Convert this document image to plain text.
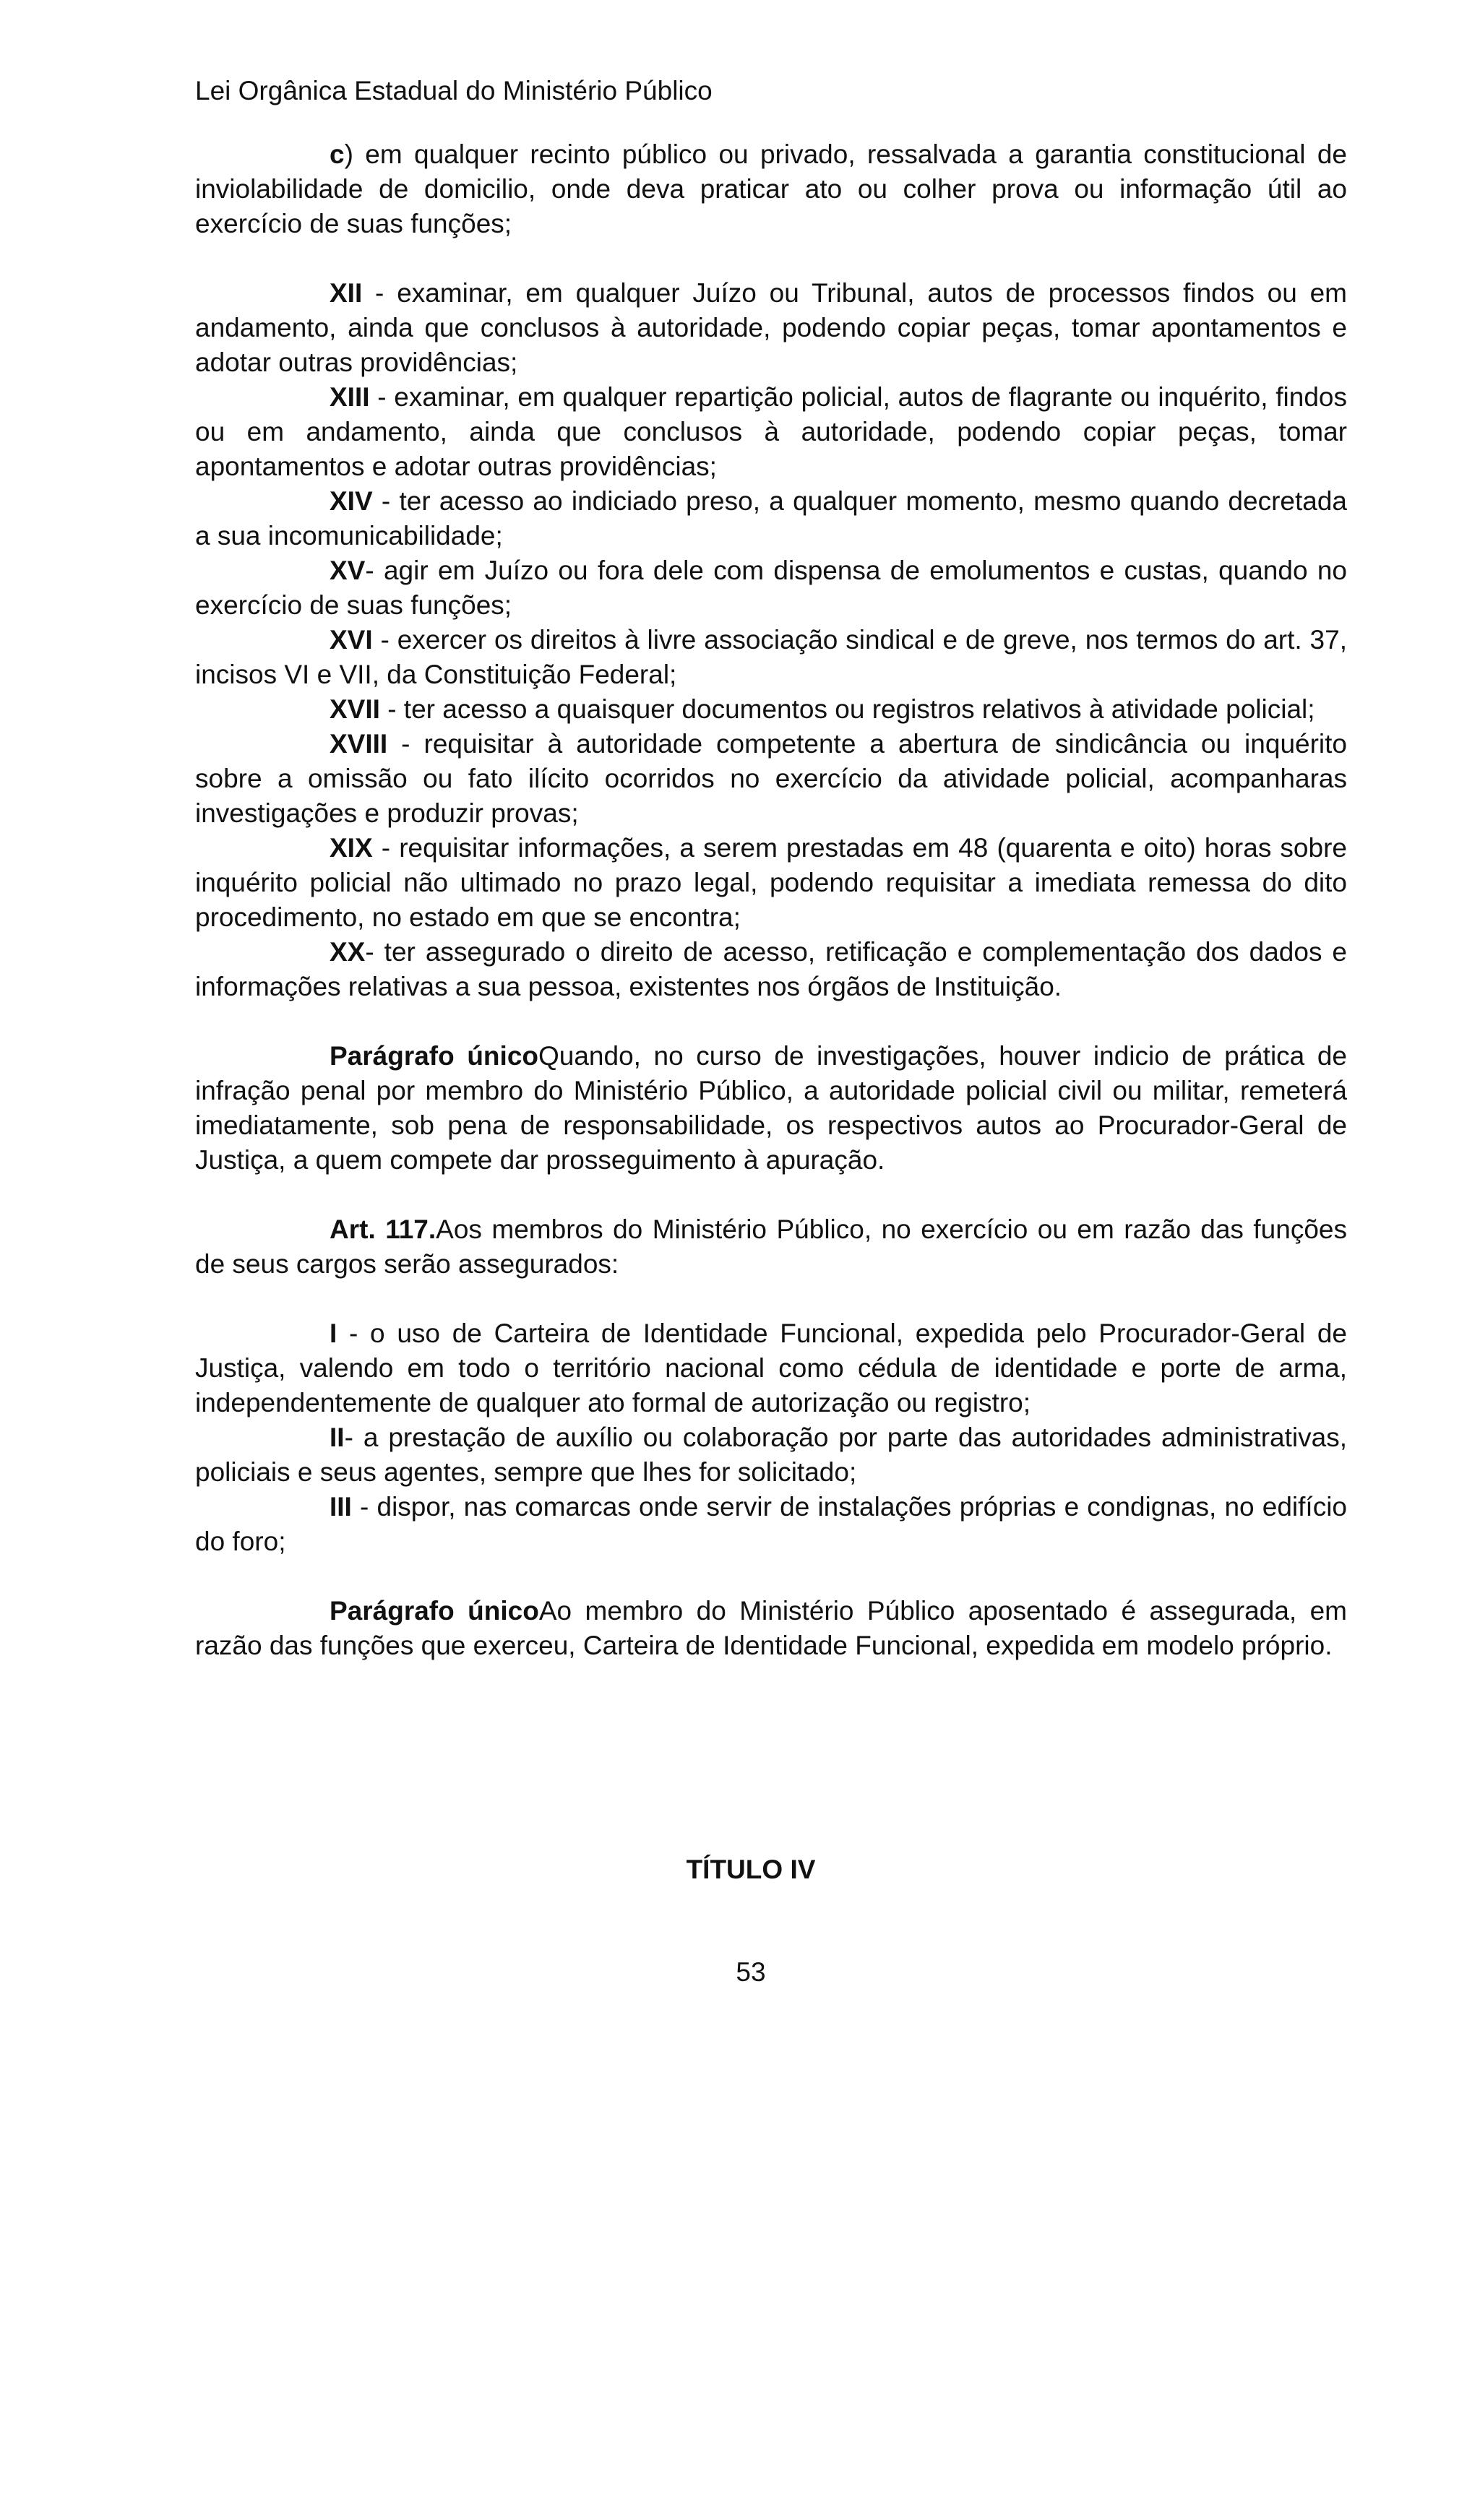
Lei Orgânica Estadual do Ministério Público

c) em qualquer recinto público ou privado, ressalvada a garantia constitucional de inviolabilidade de domicilio, onde deva praticar ato ou colher prova ou informação útil ao exercício de suas funções;

XII - examinar, em qualquer Juízo ou Tribunal, autos de processos findos ou em andamento, ainda que conclusos à autoridade, podendo copiar peças, tomar apontamentos e adotar outras providências;

XIII - examinar, em qualquer repartição policial, autos de flagrante ou inquérito, findos ou em andamento, ainda que conclusos à autoridade, podendo copiar peças, tomar apontamentos e adotar outras providências;

XIV - ter acesso ao indiciado preso, a qualquer momento, mesmo quando decretada a sua incomunicabilidade;

XV- agir em Juízo ou fora dele com dispensa de emolumentos e custas, quando no exercício de suas funções;

XVI - exercer os direitos à livre associação sindical e de greve, nos termos do art. 37, incisos VI e VII, da Constituição Federal;

XVII - ter acesso a quaisquer documentos ou registros relativos à atividade policial;

XVIII - requisitar à autoridade competente a abertura de sindicância ou inquérito sobre a omissão ou fato ilícito ocorridos no exercício da atividade policial, acompanharas investigações e produzir provas;

XIX - requisitar informações, a serem prestadas em 48 (quarenta e oito) horas sobre inquérito policial não ultimado no prazo legal, podendo requisitar a imediata remessa do dito procedimento, no estado em que se encontra;

XX- ter assegurado o direito de acesso, retificação e complementação dos dados e informações relativas a sua pessoa, existentes nos órgãos de Instituição.

Parágrafo únicoQuando, no curso de investigações, houver indicio de prática de infração penal por membro do Ministério Público, a autoridade policial civil ou militar, remeterá imediatamente, sob pena de responsabilidade, os respectivos autos ao Procurador-Geral de Justiça, a quem compete dar prosseguimento à apuração.

Art. 117.Aos membros do Ministério Público, no exercício ou em razão das funções de seus cargos serão assegurados:

I - o uso de Carteira de Identidade Funcional, expedida pelo Procurador-Geral de Justiça, valendo em todo o território nacional como cédula de identidade e porte de arma, independentemente de qualquer ato formal de autorização ou registro;

II- a prestação de auxílio ou colaboração por parte das autoridades administrativas, policiais e seus agentes, sempre que lhes for solicitado;

III - dispor, nas comarcas onde servir de instalações próprias e condignas, no edifício do foro;

Parágrafo únicoAo membro do Ministério Público aposentado é assegurada, em razão das funções que exerceu, Carteira de Identidade Funcional, expedida em modelo próprio.

TÍTULO IV
53
